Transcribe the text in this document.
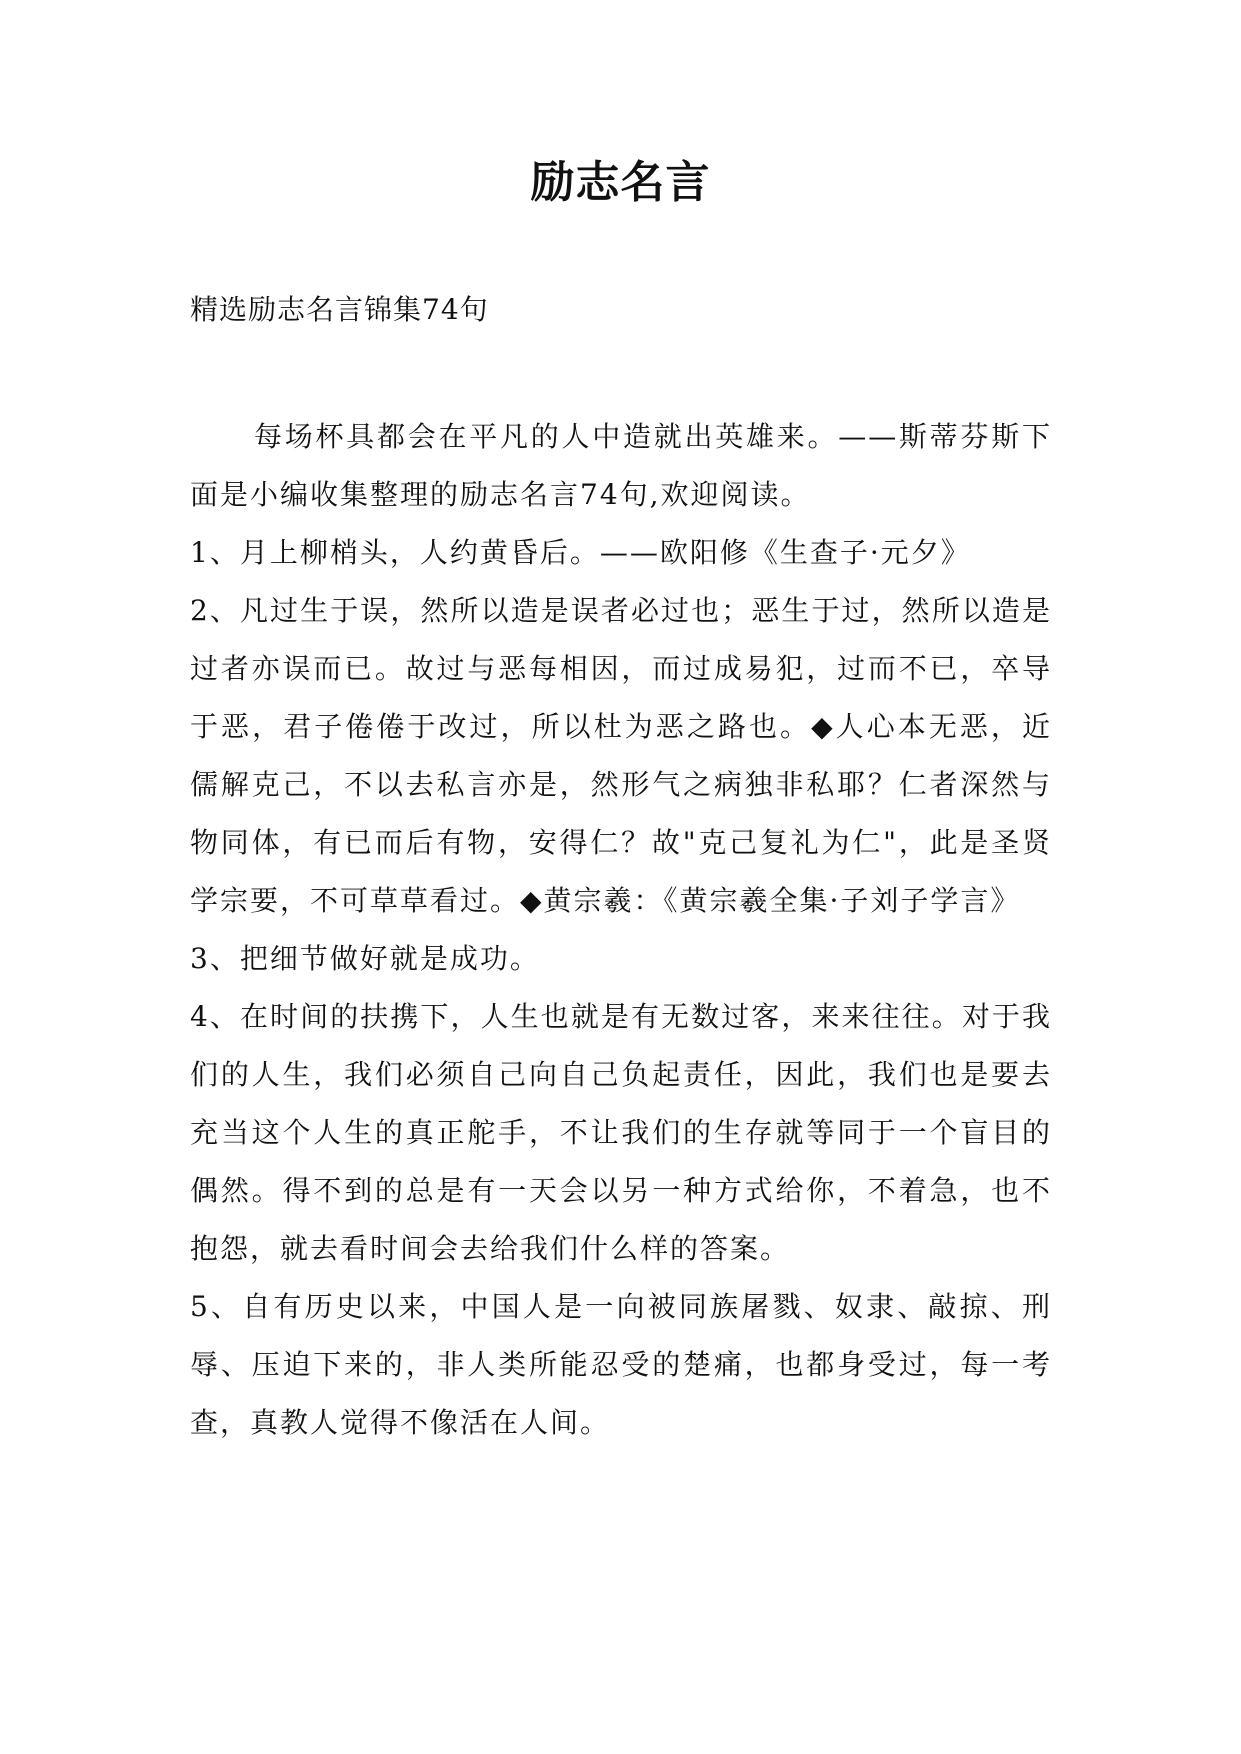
励志名言
精选励志名言锦集74句

每场杯具都会在平凡的人中造就出英雄来。——斯蒂芬斯下面是小编收集整理的励志名言74句,欢迎阅读。

1、月上柳梢头，人约黄昏后。——欧阳修《生查子·元夕》

2、凡过生于误，然所以造是误者必过也；恶生于过，然所以造是过者亦误而已。故过与恶每相因，而过成易犯，过而不已，卒导于恶，君子倦倦于改过，所以杜为恶之路也。◆人心本无恶，近儒解克己，不以去私言亦是，然形气之病独非私耶？仁者深然与物同体，有已而后有物，安得仁？故"克己复礼为仁"，此是圣贤学宗要，不可草草看过。◆黄宗羲：《黄宗羲全集·子刘子学言》

3、把细节做好就是成功。

4、在时间的扶携下，人生也就是有无数过客，来来往往。对于我们的人生，我们必须自己向自己负起责任，因此，我们也是要去充当这个人生的真正舵手，不让我们的生存就等同于一个盲目的偶然。得不到的总是有一天会以另一种方式给你，不着急，也不抱怨，就去看时间会去给我们什么样的答案。

5、自有历史以来，中国人是一向被同族屠戮、奴隶、敲掠、刑辱、压迫下来的，非人类所能忍受的楚痛，也都身受过，每一考查，真教人觉得不像活在人间。
